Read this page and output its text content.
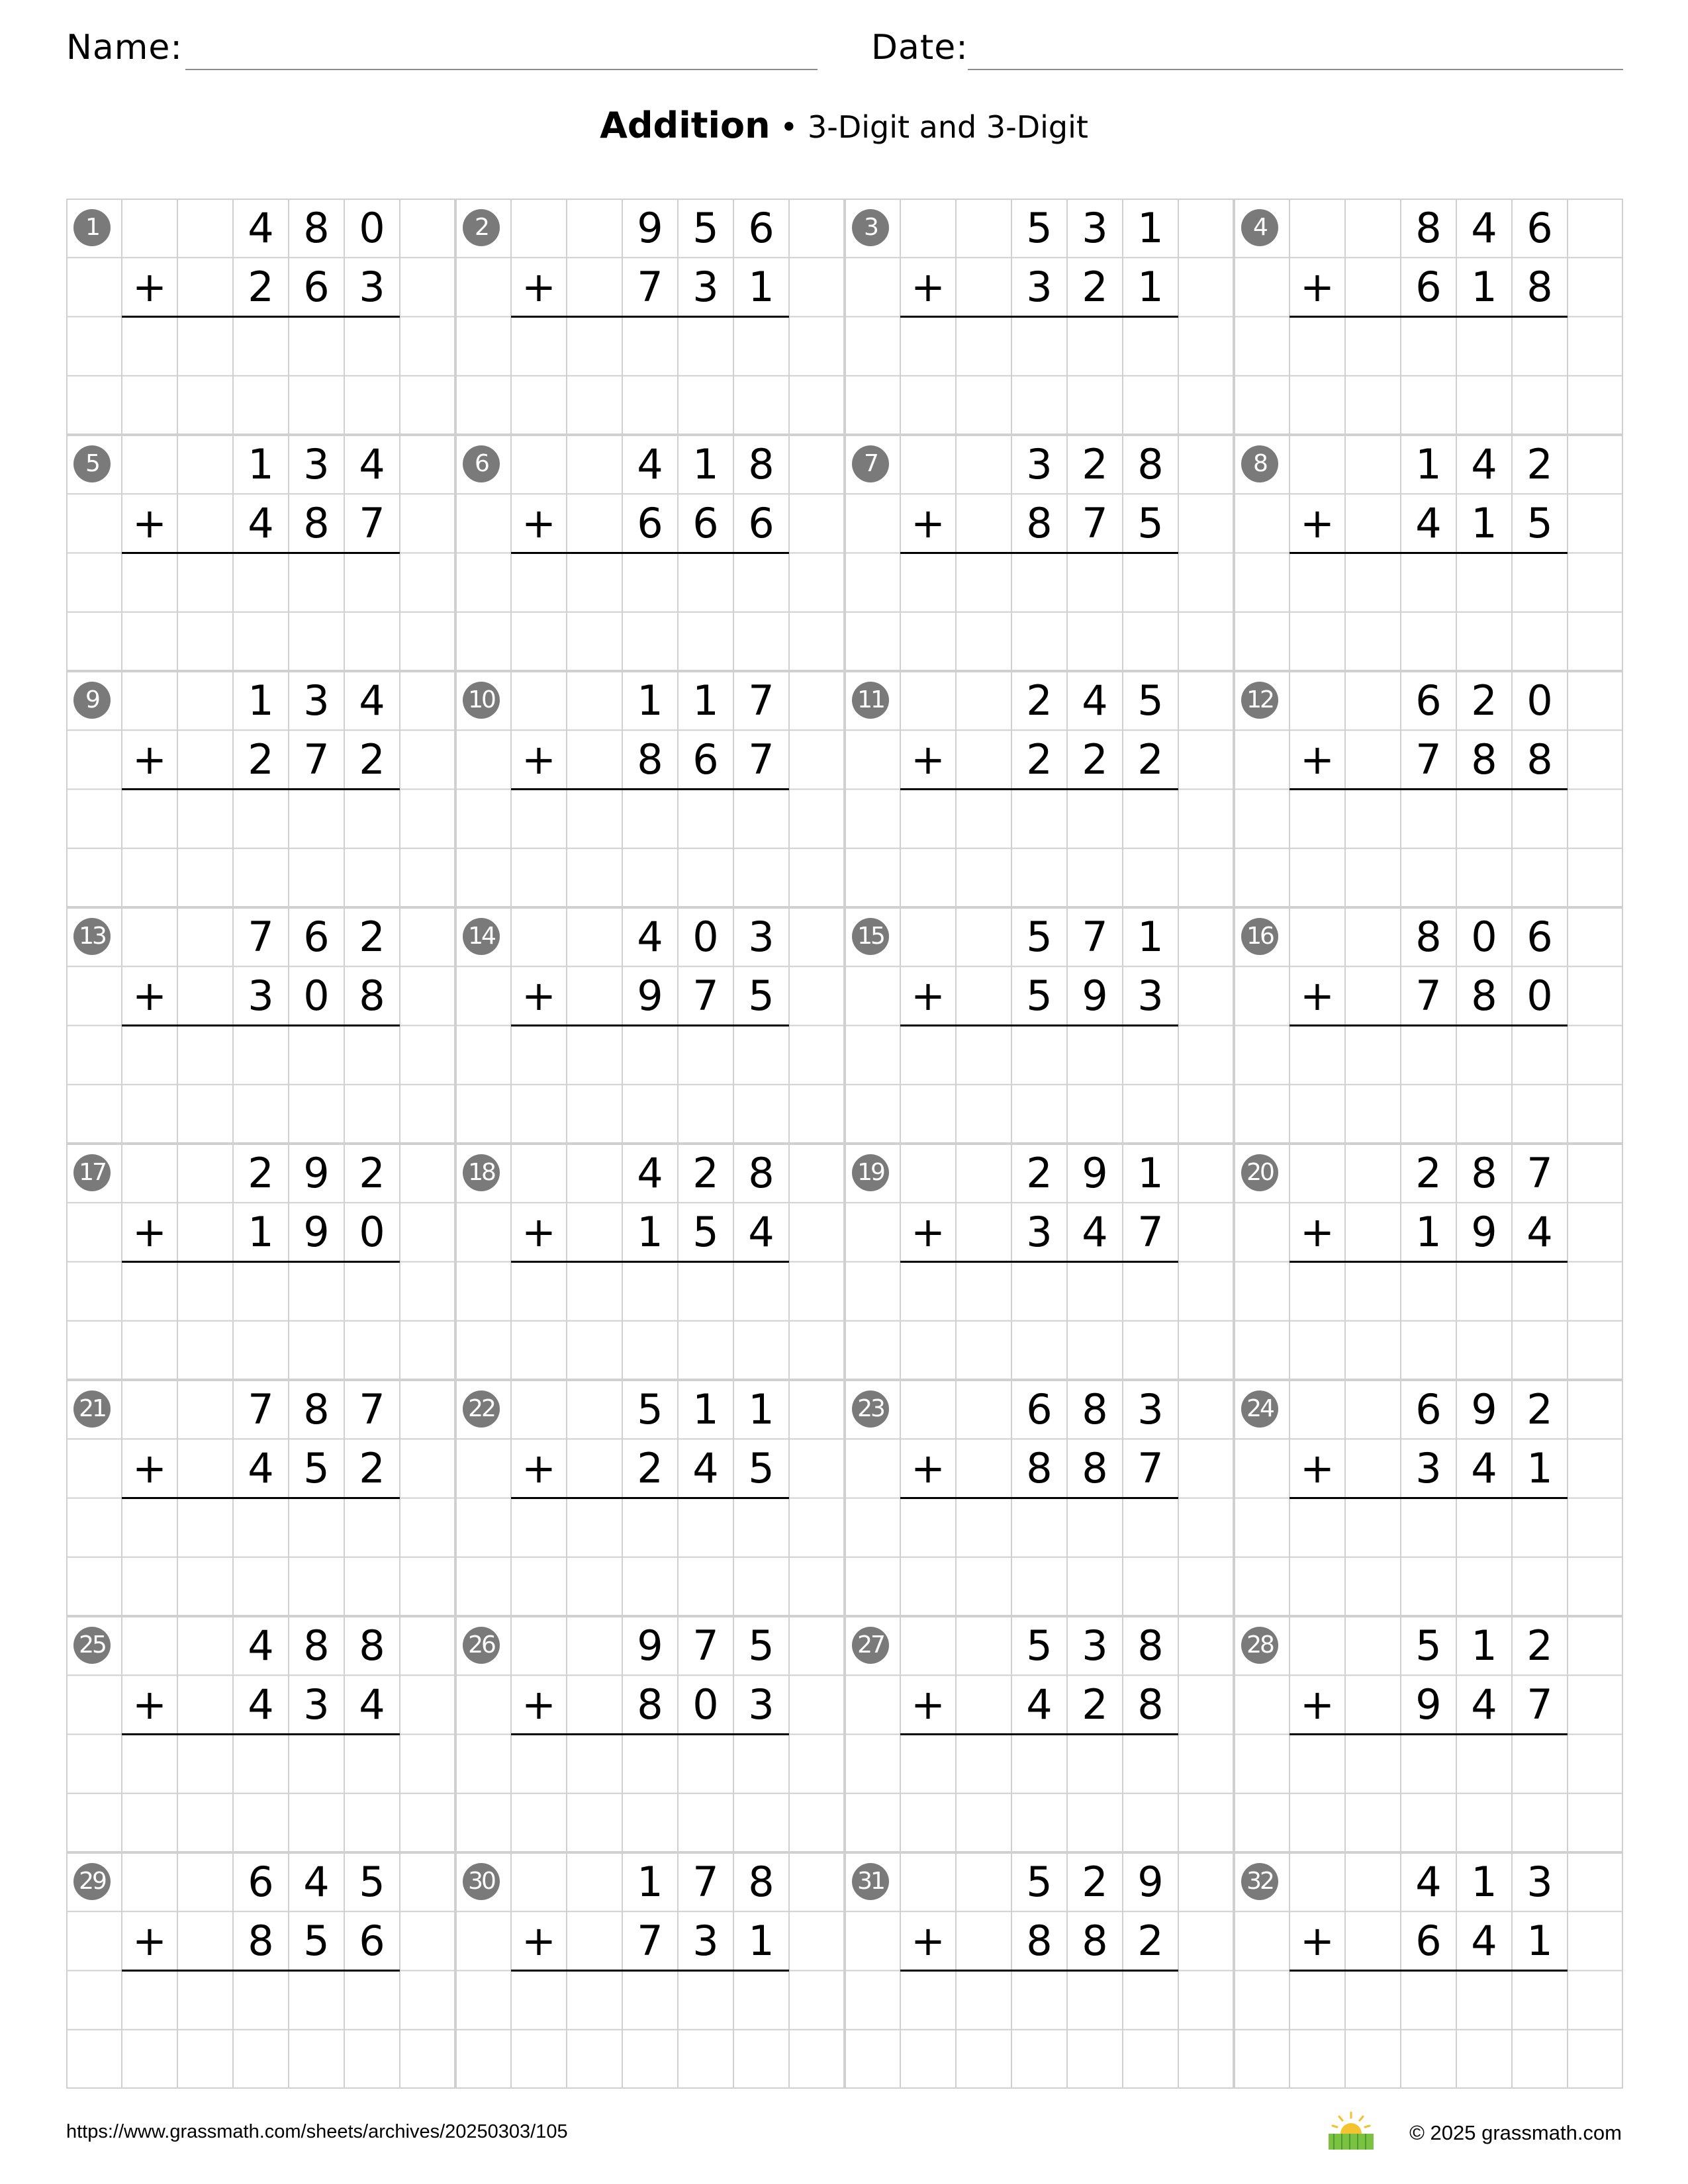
Name:	Date:
Addition • 3-Digit and 3-Digit
1
+
4 8 0
2 6 3
2
+
9 5 6
7 3 1
3
+
5 3 1
3 2 1
4
+
8 4 6
6 1 8
5
+
1 3 4
4 8 7
6
+
4 1 8
6 6 6
7
+
3 2 8
8 7 5
8
+
1 4 2
4 1 5
9
+
1 3 4
2 7 2
10
+
1 1 7
8 6 7
11
+
2 4 5
2 2 2
12
+
6 2 0
7 8 8
13
+
7 6 2
3 0 8
14
+
4 0 3
9 7 5
15
+
5 7 1
5 9 3
16
+
8 0 6
7 8 0
17
+
2 9 2
1 9 0
18
+
4 2 8
1 5 4
19
+
2 9 1
3 4 7
20
+
2 8 7
1 9 4
21
+
7 8 7
4 5 2
22
+
5 1 1
2 4 5
23
+
6 8 3
8 8 7
24
+
6 9 2
3 4 1
25
+
4 8 8
4 3 4
26
+
9 7 5
8 0 3
27
+
5 3 8
4 2 8
28
+
5 1 2
9 4 7
29
+
6 4 5
8 5 6
30
+
1 7 8
7 3 1
31
+
5 2 9
8 8 2
32
+
4 1 3
6 4 1
https://www.grassmath.com/sheets/archives/20250303/105	© 2025 grassmath.com
